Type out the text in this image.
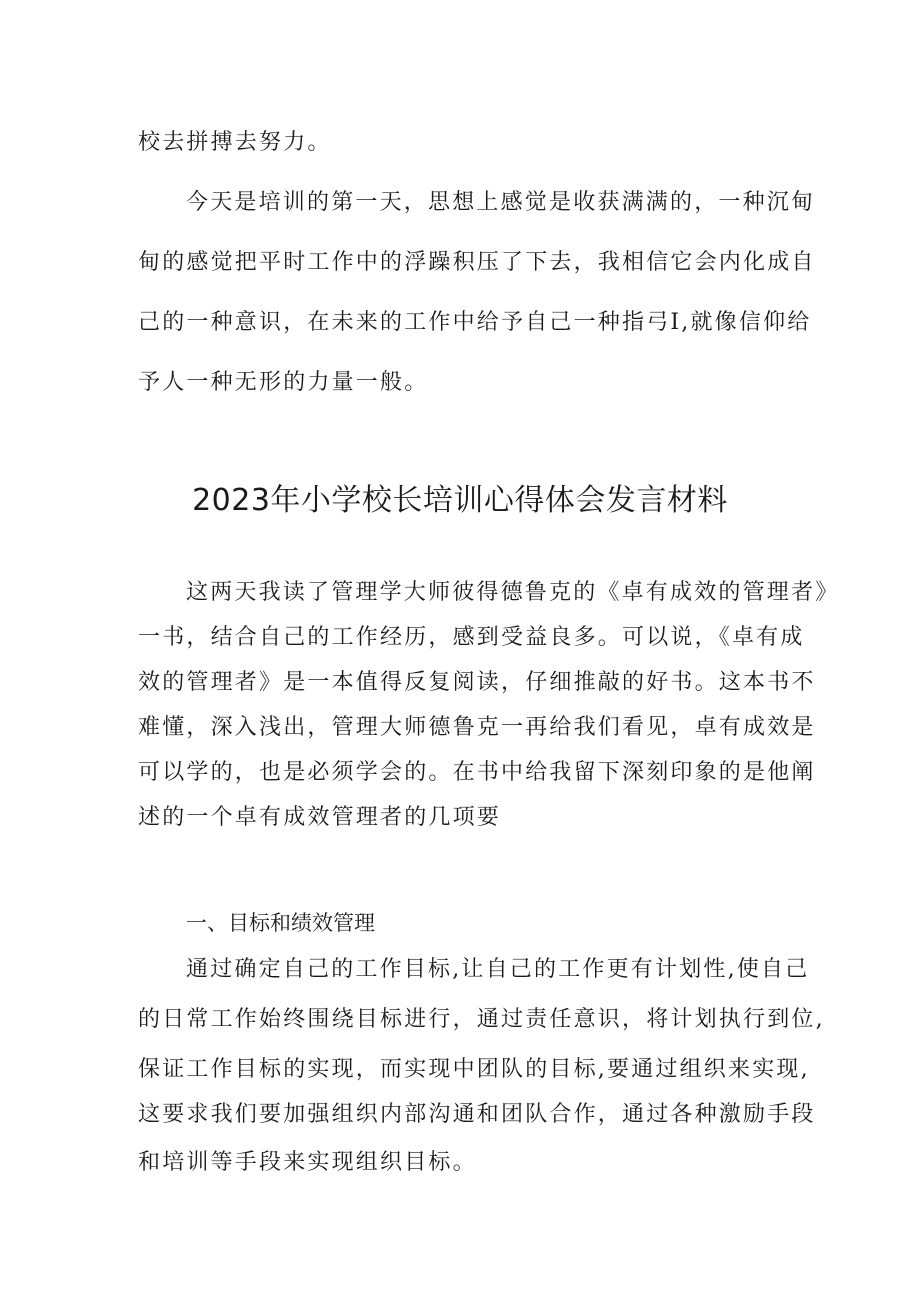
校去拼搏去努力。
今天是培训的第一天，思想上感觉是收获满满的，一种沉甸
甸的感觉把平时工作中的浮躁积压了下去，我相信它会内化成自
己的一种意识，在未来的工作中给予自己一种指弓I,就像信仰给
予人一种无形的力量一般。
2023年小学校长培训心得体会发言材料
这两天我读了管理学大师彼得德鲁克的《卓有成效的管理者》
一书，结合自己的工作经历，感到受益良多。可以说，《卓有成
效的管理者》是一本值得反复阅读，仔细推敲的好书。这本书不
难懂，深入浅出，管理大师德鲁克一再给我们看见，卓有成效是
可以学的，也是必须学会的。在书中给我留下深刻印象的是他阐
述的一个卓有成效管理者的几项要
一、目标和绩效管理
通过确定自己的工作目标,让自己的工作更有计划性,使自己
的日常工作始终围绕目标进行，通过责任意识，将计划执行到位,
保证工作目标的实现，而实现中团队的目标,要通过组织来实现,
这要求我们要加强组织内部沟通和团队合作，通过各种激励手段
和培训等手段来实现组织目标。
